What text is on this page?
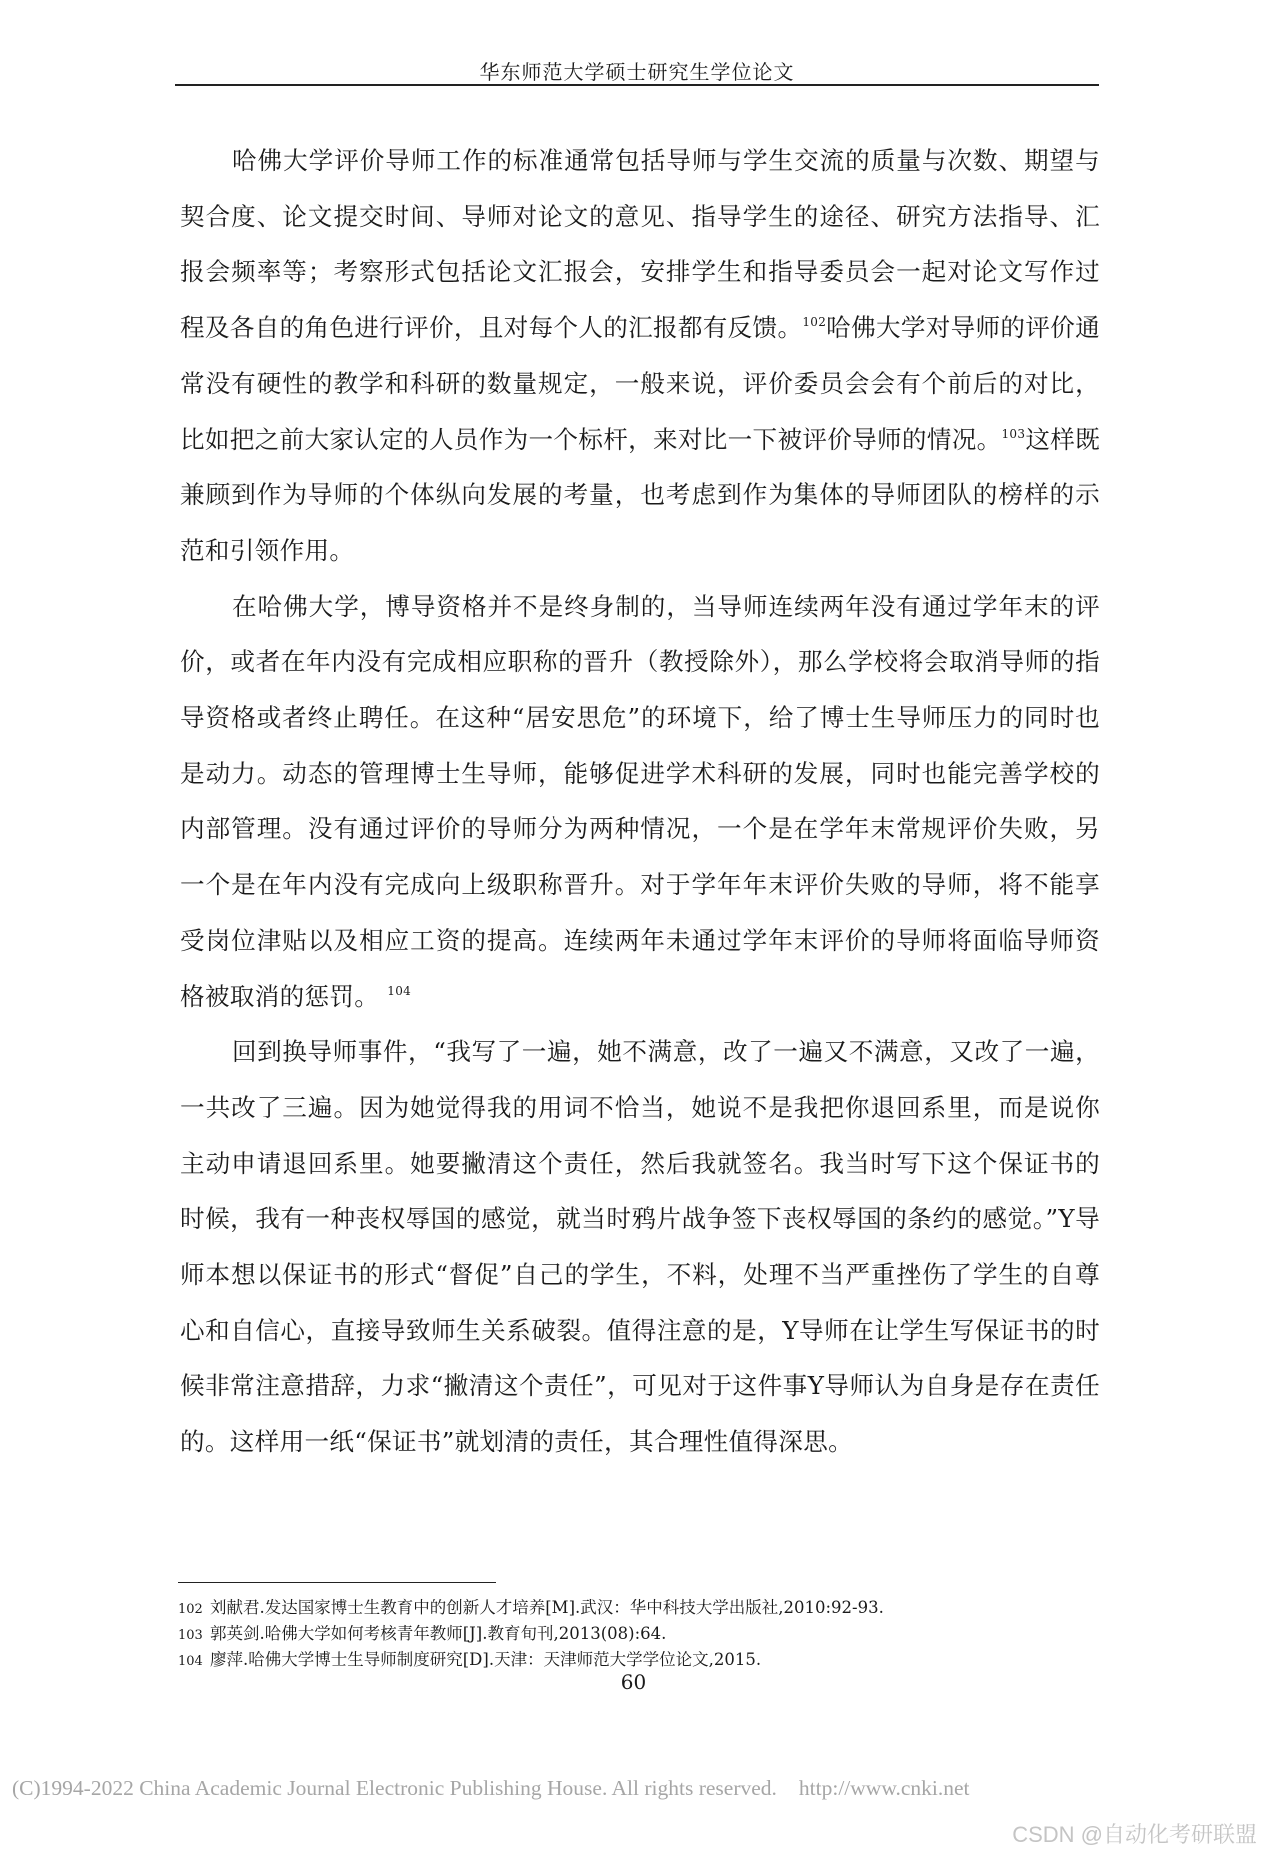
华东师范大学硕士研究生学位论文

哈佛大学评价导师工作的标准通常包括导师与学生交流的质量与次数、期望与契合度、论文提交时间、导师对论文的意见、指导学生的途径、研究方法指导、汇报会频率等；考察形式包括论文汇报会，安排学生和指导委员会一起对论文写作过程及各自的角色进行评价，且对每个人的汇报都有反馈。$^{102}$哈佛大学对导师的评价通常没有硬性的教学和科研的数量规定，一般来说，评价委员会会有个前后的对比，比如把之前大家认定的人员作为一个标杆，来对比一下被评价导师的情况。$^{103}$这样既兼顾到作为导师的个体纵向发展的考量，也考虑到作为集体的导师团队的榜样的示范和引领作用。

在哈佛大学，博导资格并不是终身制的，当导师连续两年没有通过学年末的评价，或者在年内没有完成相应职称的晋升（教授除外），那么学校将会取消导师的指导资格或者终止聘任。在这种“居安思危”的环境下，给了博士生导师压力的同时也是动力。动态的管理博士生导师，能够促进学术科研的发展，同时也能完善学校的内部管理。没有通过评价的导师分为两种情况，一个是在学年末常规评价失败，另一个是在年内没有完成向上级职称晋升。对于学年年末评价失败的导师，将不能享受岗位津贴以及相应工资的提高。连续两年未通过学年末评价的导师将面临导师资格被取消的惩罚。 $^{104}$

回到换导师事件，“我写了一遍，她不满意，改了一遍又不满意，又改了一遍，一共改了三遍。因为她觉得我的用词不恰当，她说不是我把你退回系里，而是说你主动申请退回系里。她要撇清这个责任，然后我就签名。我当时写下这个保证书的时候，我有一种丧权辱国的感觉，就当时鸦片战争签下丧权辱国的条约的感觉。”Y导师本想以保证书的形式“督促”自己的学生，不料，处理不当严重挫伤了学生的自尊心和自信心，直接导致师生关系破裂。值得注意的是，Y导师在让学生写保证书的时候非常注意措辞，力求“撇清这个责任”，可见对于这件事Y导师认为自身是存在责任的。这样用一纸“保证书”就划清的责任，其合理性值得深思。

102 刘献君.发达国家博士生教育中的创新人才培养[M].武汉：华中科技大学出版社,2010:92-93.
103 郭英剑.哈佛大学如何考核青年教师[J].教育旬刊,2013(08):64.
104 廖萍.哈佛大学博士生导师制度研究[D].天津：天津师范大学学位论文,2015.
60
(C)1994-2022 China Academic Journal Electronic Publishing House. All rights reserved. http://www.cnki.net
CSDN @自动化考研联盟
